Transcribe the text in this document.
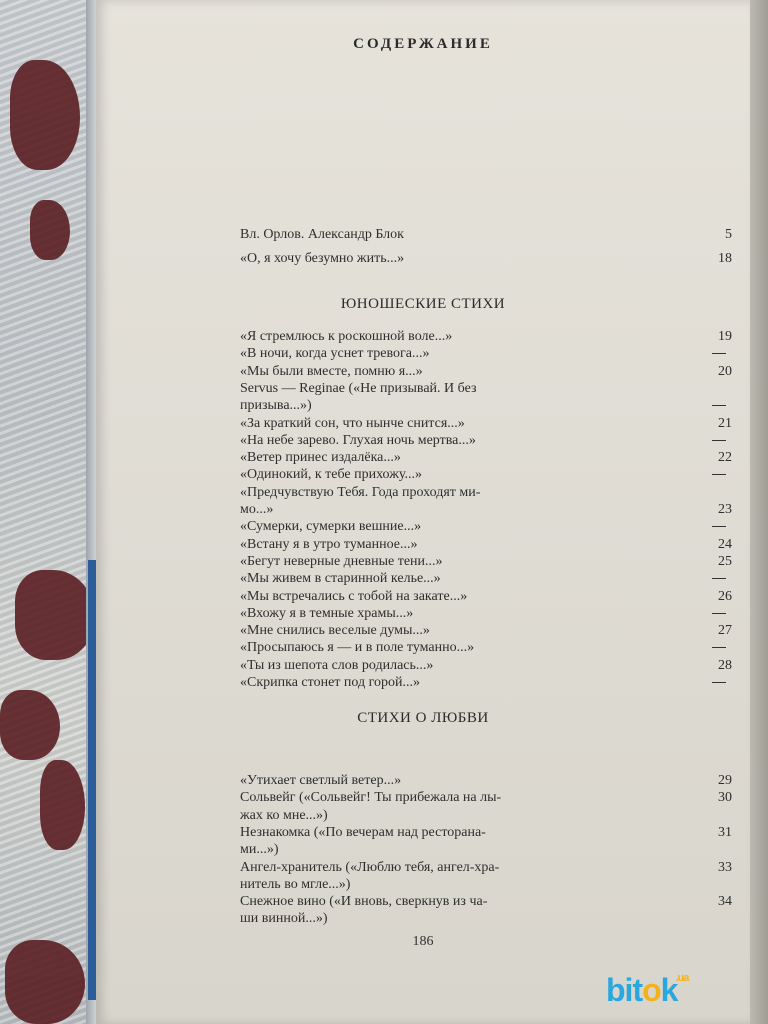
СОДЕРЖАНИЕ
Вл. Орлов. Александр Блок	5
«О, я хочу безумно жить...»	18
ЮНОШЕСКИЕ СТИХИ
«Я стремлюсь к роскошной воле...»	19
«В ночи, когда уснет тревога...»
«Мы были вместе, помню я...»	20
Servus — Reginae («Не призывай. И без
призыва...»)
«За краткий сон, что нынче снится...»	21
«На небе зарево. Глухая ночь мертва...»
«Ветер принес издалёка...»	22
«Одинокий, к тебе прихожу...»
«Предчувствую Тебя. Года проходят ми-
мо...»	23
«Сумерки, сумерки вешние...»
«Встану я в утро туманное...»	24
«Бегут неверные дневные тени...»	25
«Мы живем в старинной келье...»
«Мы встречались с тобой на закате...»	26
«Вхожу я в темные храмы...»
«Мне снились веселые думы...»	27
«Просыпаюсь я — и в поле туманно...»
«Ты из шепота слов родилась...»	28
«Скрипка стонет под горой...»
СТИХИ О ЛЮБВИ
«Утихает светлый ветер...»	29
Сольвейг («Сольвейг! Ты прибежала на лы-	30
жах ко мне...»)
Незнакомка («По вечерам над ресторана-	31
ми...»)
Ангел-хранитель («Люблю тебя, ангел-хра-	33
нитель во мгле...»)
Снежное вино («И вновь, сверкнув из ча-	34
ши винной...»)
186
bitok$^{.ua}$
